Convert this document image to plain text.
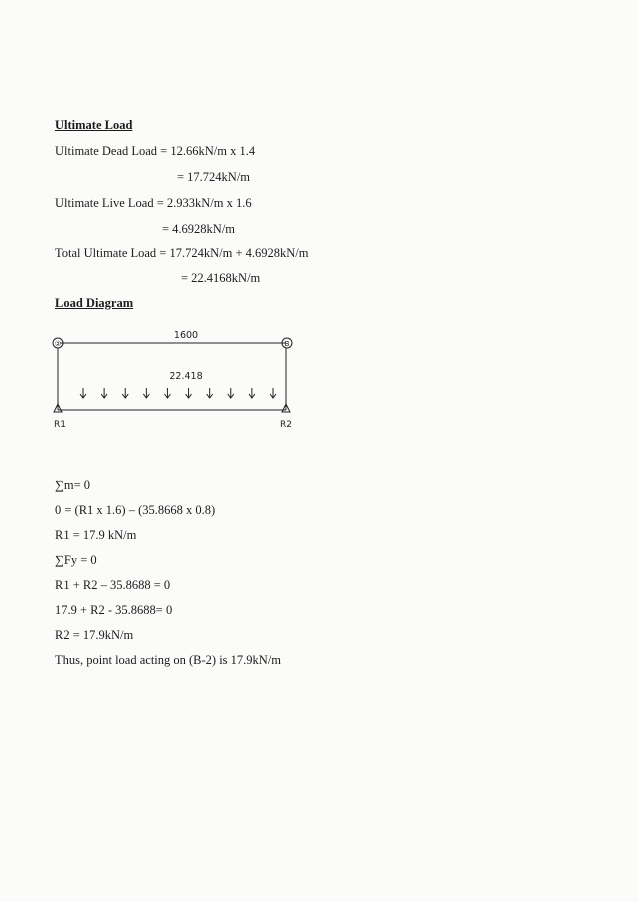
Ultimate Load
Ultimate Dead Load = 12.66kN/m x 1.4
= 17.724kN/m
Ultimate Live Load = 2.933kN/m x 1.6
= 4.6928kN/m
Total Ultimate Load = 17.724kN/m + 4.6928kN/m
= 22.4168kN/m
Load Diagram
②	B
1600
22.418
R1	R2
∑m= 0
0 = (R1 x 1.6) – (35.8668 x 0.8)
R1 = 17.9 kN/m
∑Fy = 0
R1 + R2 – 35.8688 = 0
17.9 + R2 - 35.8688= 0
R2 = 17.9kN/m
Thus, point load acting on (B-2) is 17.9kN/m
